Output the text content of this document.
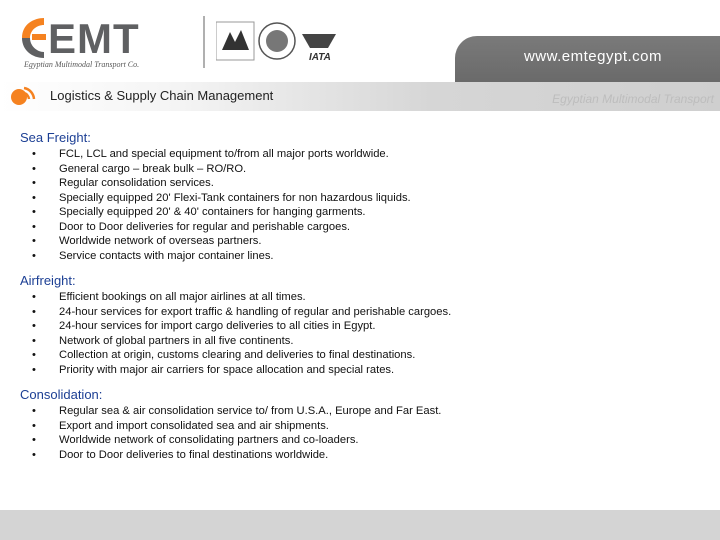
EMT
Egyptian Multimodal Transport Co.
IATA	www.emtegypt.com
Logistics & Supply Chain Management	Egyptian Multimodal Transport
Sea Freight:
• FCL, LCL and special equipment to/from all major ports worldwide.
• General cargo – break bulk – RO/RO.
• Regular consolidation services.
• Specially equipped 20' Flexi-Tank containers for non hazardous liquids.
• Specially equipped 20' & 40' containers for hanging garments.
• Door to Door deliveries for regular and perishable cargoes.
• Worldwide network of overseas partners.
• Service contacts with major container lines.
Airfreight:
• Efficient bookings on all major airlines at all times.
• 24-hour services for export traffic & handling of regular and perishable cargoes.
• 24-hour services for import cargo deliveries to all cities in Egypt.
• Network of global partners in all five continents.
• Collection at origin, customs clearing and deliveries to final destinations.
• Priority with major air carriers for space allocation and special rates.
Consolidation:
• Regular sea & air consolidation service to/ from U.S.A., Europe and Far East.
• Export and import consolidated sea and air shipments.
• Worldwide network of consolidating partners and co-loaders.
• Door to Door deliveries to final destinations worldwide.
